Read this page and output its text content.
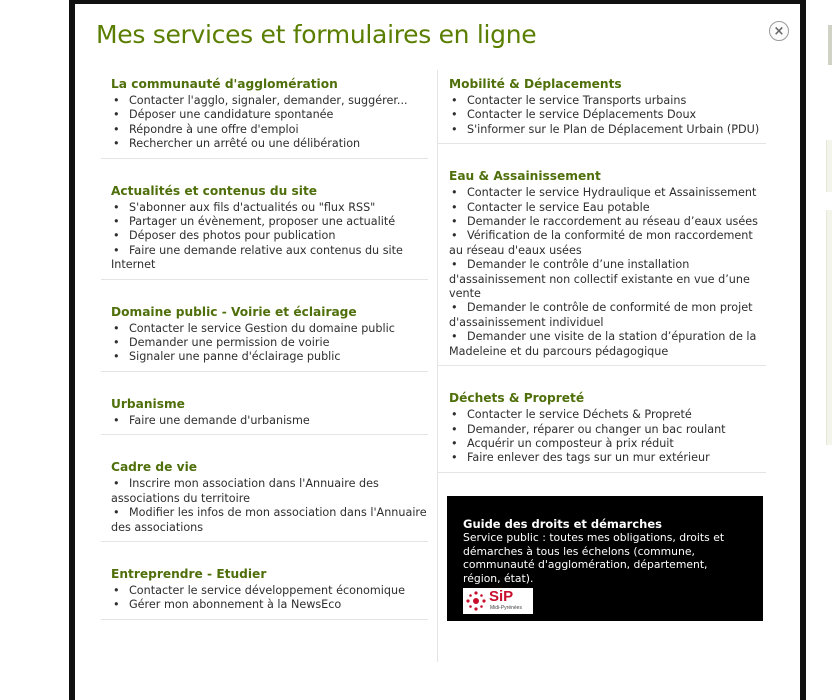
Mes services et formulaires en ligne	×
La communauté d'agglomération
• Contacter l'agglo, signaler, demander, suggérer...
• Déposer une candidature spontanée
• Répondre à une offre d'emploi
• Rechercher un arrêté ou une délibération
Actualités et contenus du site
• S'abonner aux fils d'actualités ou "flux RSS"
• Partager un évènement, proposer une actualité
• Déposer des photos pour publication
• Faire une demande relative aux contenus du site Internet
Domaine public - Voirie et éclairage
• Contacter le service Gestion du domaine public
• Demander une permission de voirie
• Signaler une panne d'éclairage public
Urbanisme
• Faire une demande d'urbanisme
Cadre de vie
• Inscrire mon association dans l'Annuaire des associations du territoire
• Modifier les infos de mon association dans l'Annuaire des associations
Entreprendre - Etudier
• Contacter le service développement économique
• Gérer mon abonnement à la NewsEco
Mobilité & Déplacements
• Contacter le service Transports urbains
• Contacter le service Déplacements Doux
• S'informer sur le Plan de Déplacement Urbain (PDU)
Eau & Assainissement
• Contacter le service Hydraulique et Assainissement
• Contacter le service Eau potable
• Demander le raccordement au réseau d’eaux usées
• Vérification de la conformité de mon raccordement au réseau d'eaux usées
• Demander le contrôle d’une installation d'assainissement non collectif existante en vue d’une vente
• Demander le contrôle de conformité de mon projet d'assainissement individuel
• Demander une visite de la station d’épuration de la Madeleine et du parcours pédagogique
Déchets & Propreté
• Contacter le service Déchets & Propreté
• Demander, réparer ou changer un bac roulant
• Acquérir un composteur à prix réduit
• Faire enlever des tags sur un mur extérieur
Guide des droits et démarches

Service public : toutes mes obligations, droits et démarches à tous les échelons (commune, communauté d'agglomération, département, région, état).

SiP
Midi-Pyrénées
